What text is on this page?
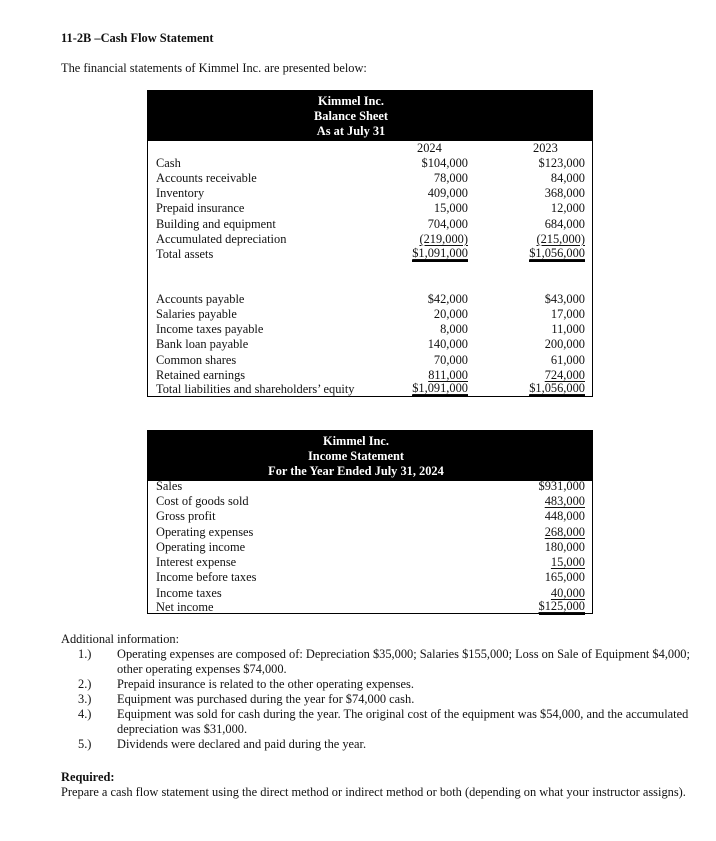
11-2B –Cash Flow Statement
The financial statements of Kimmel Inc. are presented below:
Kimmel Inc.
Balance Sheet
As at July 31
2024	2023
Cash	$104,000	$123,000
Accounts receivable	78,000	84,000
Inventory	409,000	368,000
Prepaid insurance	15,000	12,000
Building and equipment	704,000	684,000
Accumulated depreciation	(219,000)	(215,000)
Total assets	$1,091,000	$1,056,000
Accounts payable	$42,000	$43,000
Salaries payable	20,000	17,000
Income taxes payable	8,000	11,000
Bank loan payable	140,000	200,000
Common shares	70,000	61,000
Retained earnings	811,000	724,000
Total liabilities and shareholders’ equity	$1,091,000	$1,056,000
Kimmel Inc.
Income Statement
For the Year Ended July 31, 2024
Sales	$931,000
Cost of goods sold	483,000
Gross profit	448,000
Operating expenses	268,000
Operating income	180,000
Interest expense	15,000
Income before taxes	165,000
Income taxes	40,000
Net income	$125,000
Additional information:
1.) Operating expenses are composed of: Depreciation $35,000; Salaries $155,000; Loss on Sale of Equipment $4,000; other operating expenses $74,000.
2.) Prepaid insurance is related to the other operating expenses.
3.) Equipment was purchased during the year for $74,000 cash.
4.) Equipment was sold for cash during the year. The original cost of the equipment was $54,000, and the accumulated depreciation was $31,000.
5.) Dividends were declared and paid during the year.
Required:
Prepare a cash flow statement using the direct method or indirect method or both (depending on what your instructor assigns).
